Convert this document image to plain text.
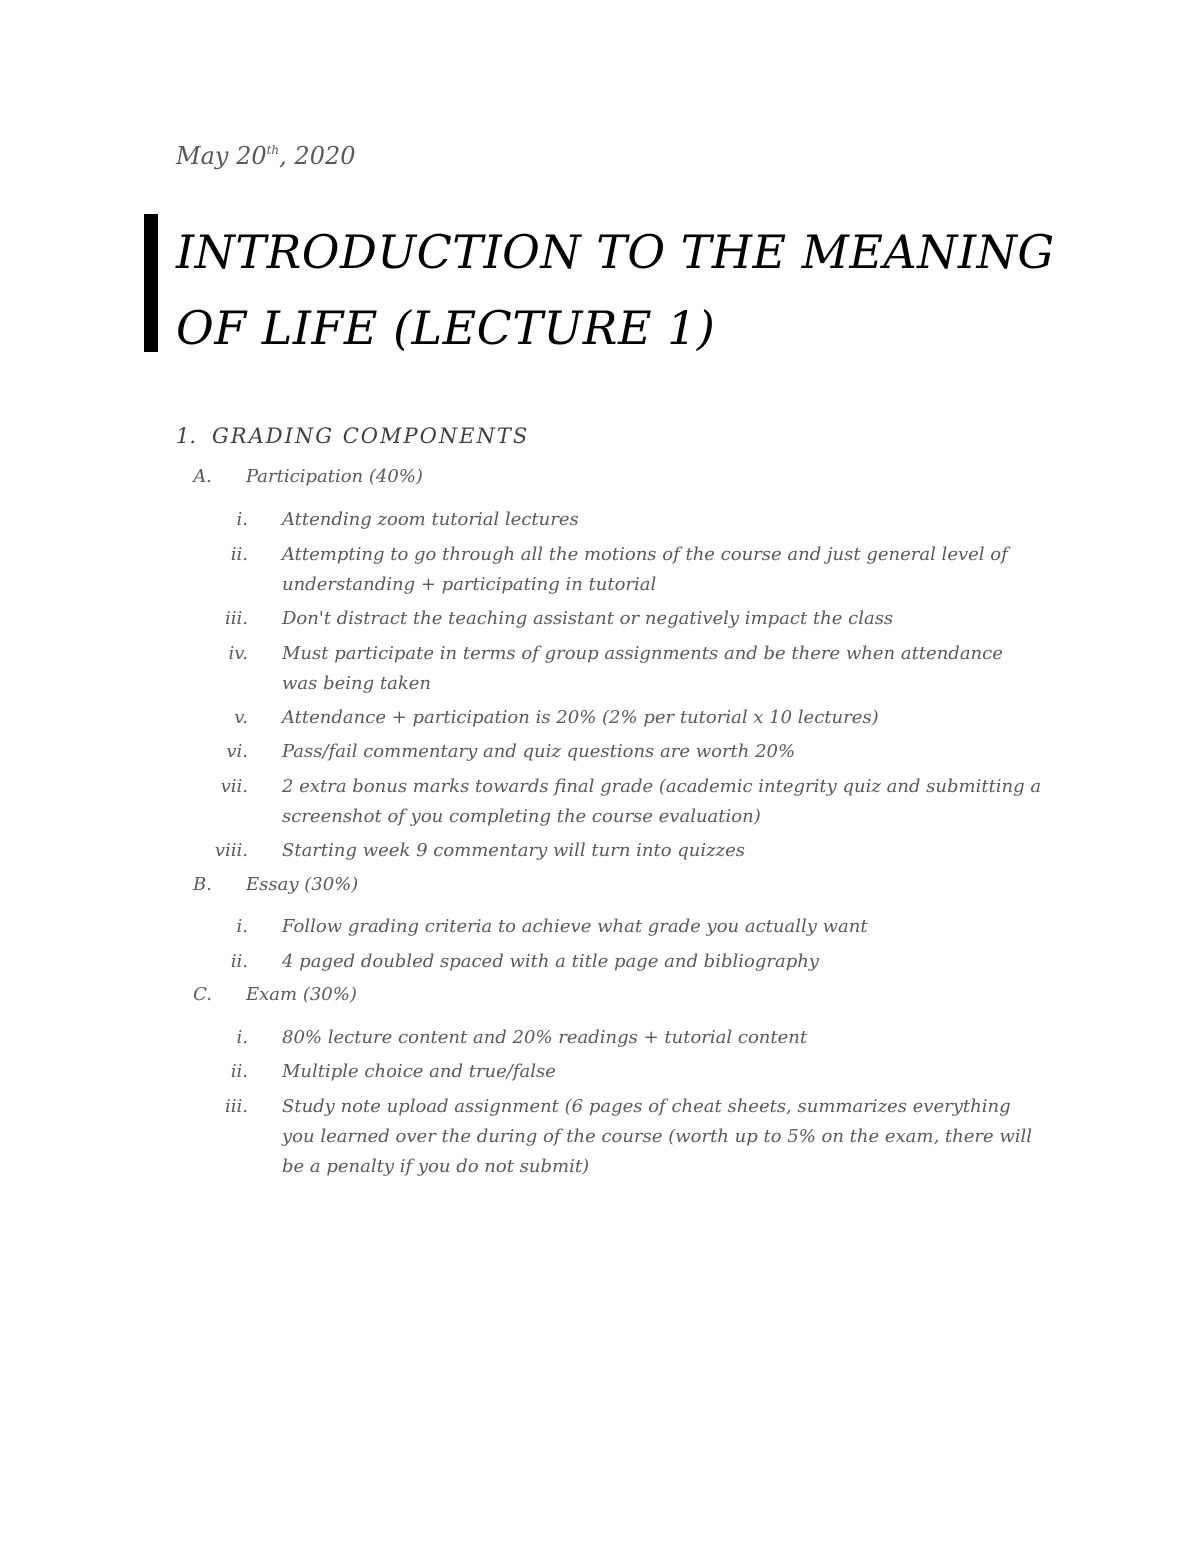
May 20th, 2020
INTRODUCTION TO THE MEANING OF LIFE (LECTURE 1)
1. GRADING COMPONENTS
A. Participation (40%)
i. Attending zoom tutorial lectures
ii. Attempting to go through all the motions of the course and just general level of understanding + participating in tutorial
iii. Don't distract the teaching assistant or negatively impact the class
iv. Must participate in terms of group assignments and be there when attendance was being taken
v. Attendance + participation is 20% (2% per tutorial x 10 lectures)
vi. Pass/fail commentary and quiz questions are worth 20%
vii. 2 extra bonus marks towards final grade (academic integrity quiz and submitting a screenshot of you completing the course evaluation)
viii. Starting week 9 commentary will turn into quizzes
B. Essay (30%)
i. Follow grading criteria to achieve what grade you actually want
ii. 4 paged doubled spaced with a title page and bibliography
C. Exam (30%)
i. 80% lecture content and 20% readings + tutorial content
ii. Multiple choice and true/false
iii. Study note upload assignment (6 pages of cheat sheets, summarizes everything you learned over the during of the course (worth up to 5% on the exam, there will be a penalty if you do not submit)
